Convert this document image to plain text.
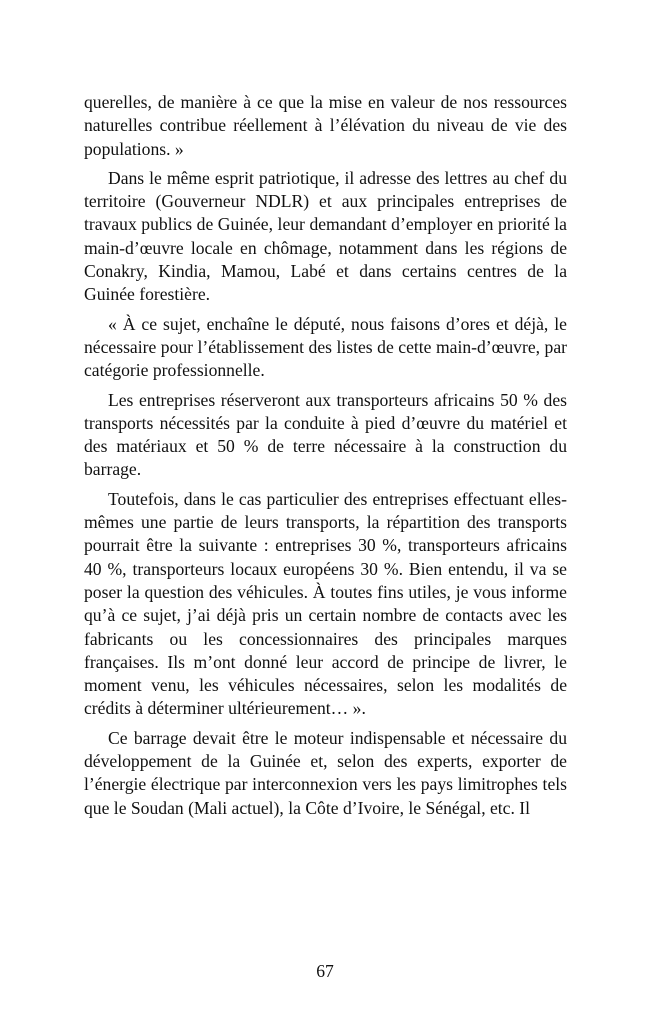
querelles, de manière à ce que la mise en valeur de nos ressources naturelles contribue réellement à l’élévation du niveau de vie des populations. »

Dans le même esprit patriotique, il adresse des lettres au chef du territoire (Gouverneur NDLR) et aux principales entreprises de travaux publics de Guinée, leur demandant d’employer en priorité la main-d’œuvre locale en chômage, notamment dans les régions de Conakry, Kindia, Mamou, Labé et dans certains centres de la Guinée forestière.

« À ce sujet, enchaîne le député, nous faisons d’ores et déjà, le nécessaire pour l’établissement des listes de cette main-d’œuvre, par catégorie professionnelle.

Les entreprises réserveront aux transporteurs africains 50 % des transports nécessités par la conduite à pied d’œuvre du matériel et des matériaux et 50 % de terre nécessaire à la construction du barrage.

Toutefois, dans le cas particulier des entreprises effectuant elles-mêmes une partie de leurs transports, la répartition des transports pourrait être la suivante : entreprises 30 %, transporteurs africains 40 %, transporteurs locaux européens 30 %. Bien entendu, il va se poser la question des véhicules. À toutes fins utiles, je vous informe qu’à ce sujet, j’ai déjà pris un certain nombre de contacts avec les fabricants ou les concessionnaires des principales marques françaises. Ils m’ont donné leur accord de principe de livrer, le moment venu, les véhicules nécessaires, selon les modalités de crédits à déterminer ultérieurement… ».

Ce barrage devait être le moteur indispensable et nécessaire du développement de la Guinée et, selon des experts, exporter de l’énergie électrique par interconnexion vers les pays limitrophes tels que le Soudan (Mali actuel), la Côte d’Ivoire, le Sénégal, etc. Il

67
